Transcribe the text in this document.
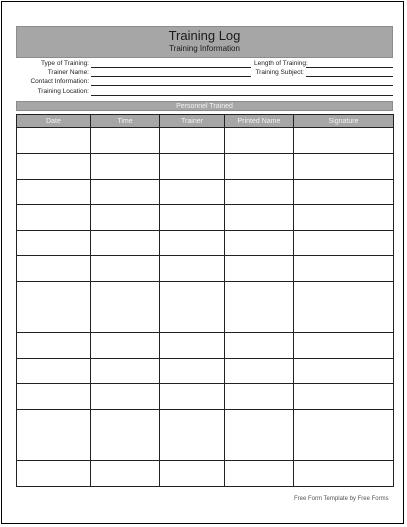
Training Log
Training Information
Type of Training:	Length of Training:
Trainer Name:	Training Subject:
Contact Information:
Training Location:
Personnel Trained
Date	Time	Trainer	Printed Name	Signature

Free Form Template by Free Forms
